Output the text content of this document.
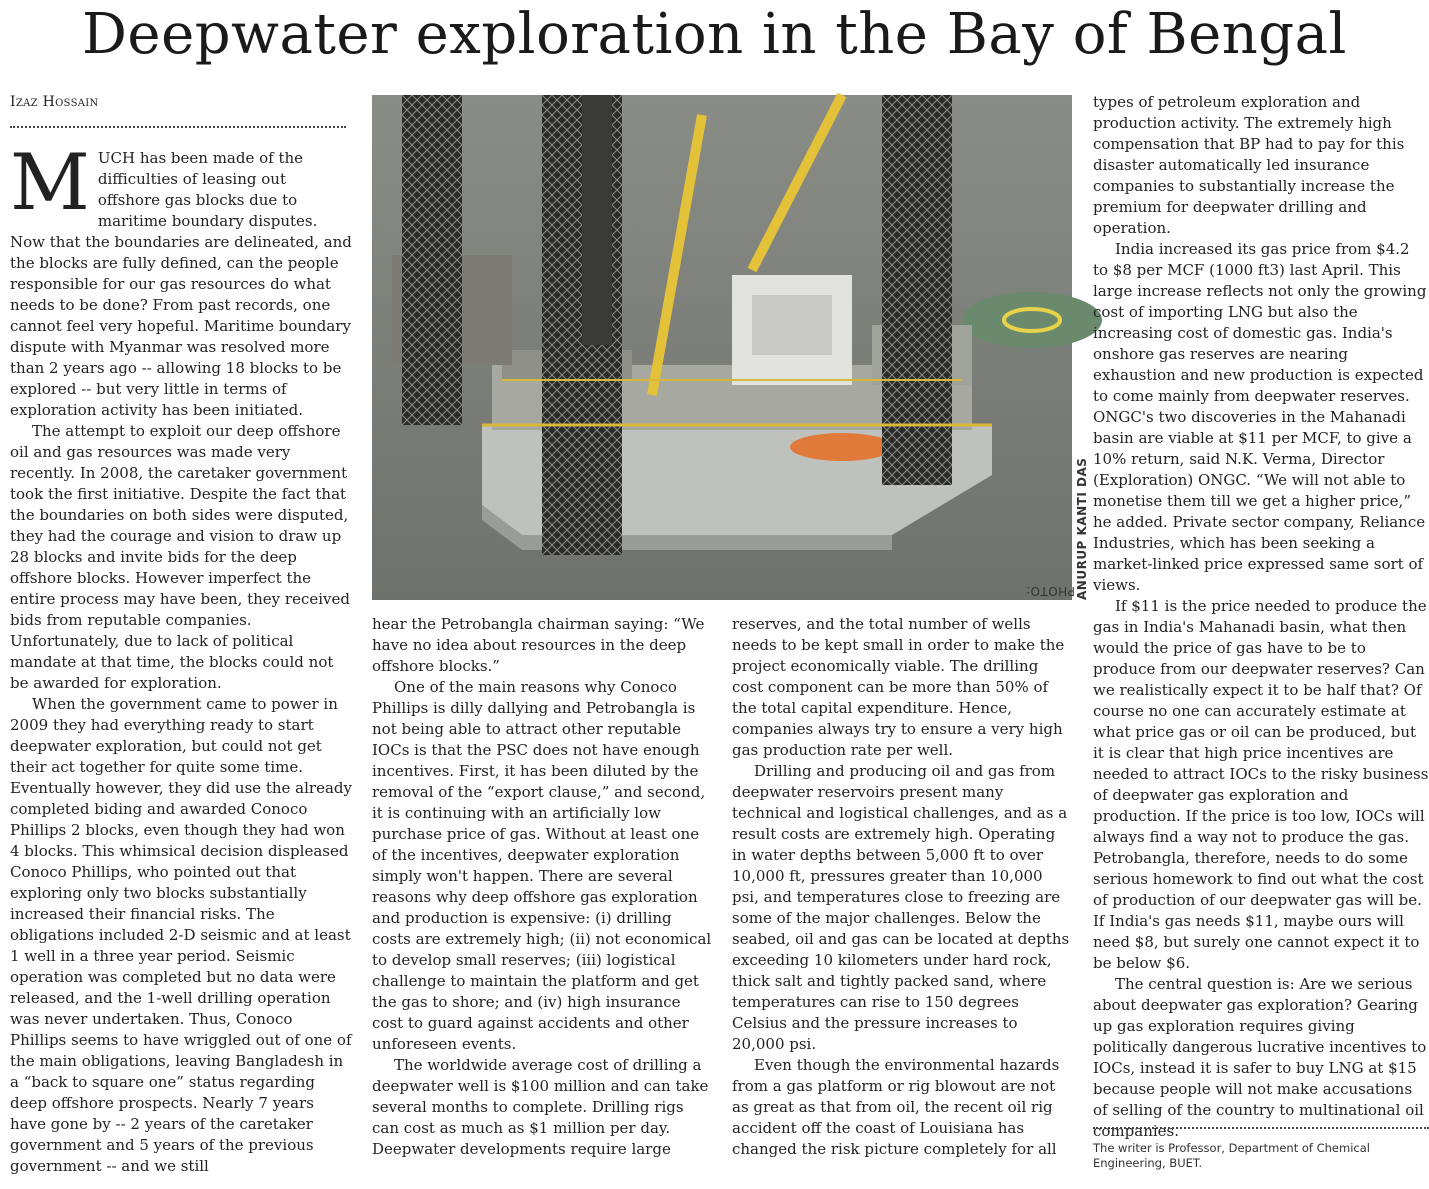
Deepwater exploration in the Bay of Bengal
Izaz Hossain

MUCH has been made of the difficulties of leasing out offshore gas blocks due to maritime boundary disputes. Now that the boundaries are delineated, and the blocks are fully defined, can the people responsible for our gas resources do what needs to be done? From past records, one cannot feel very hopeful. Maritime boundary dispute with Myanmar was resolved more than 2 years ago -- allowing 18 blocks to be explored -- but very little in terms of exploration activity has been initiated.

The attempt to exploit our deep offshore oil and gas resources was made very recently. In 2008, the caretaker government took the first initiative. Despite the fact that the boundaries on both sides were disputed, they had the courage and vision to draw up 28 blocks and invite bids for the deep offshore blocks. However imperfect the entire process may have been, they received bids from reputable companies. Unfortunately, due to lack of political mandate at that time, the blocks could not be awarded for exploration.

When the government came to power in 2009 they had everything ready to start deepwater exploration, but could not get their act together for quite some time. Eventually however, they did use the already completed biding and awarded Conoco Phillips 2 blocks, even though they had won 4 blocks. This whimsical decision displeased Conoco Phillips, who pointed out that exploring only two blocks substantially increased their financial risks. The obligations included 2-D seismic and at least 1 well in a three year period. Seismic operation was completed but no data were released, and the 1-well drilling operation was never undertaken. Thus, Conoco Phillips seems to have wriggled out of one of the main obligations, leaving Bangladesh in a “back to square one” status regarding deep offshore prospects. Nearly 7 years have gone by -- 2 years of the caretaker government and 5 years of the previous government -- and we still

PHOTO: ANURUP KANTI DAS

hear the Petrobangla chairman saying: “We have no idea about resources in the deep offshore blocks.”

One of the main reasons why Conoco Phillips is dilly dallying and Petrobangla is not being able to attract other reputable IOCs is that the PSC does not have enough incentives. First, it has been diluted by the removal of the “export clause,” and second, it is continuing with an artificially low purchase price of gas. Without at least one of the incentives, deepwater exploration simply won't happen. There are several reasons why deep offshore gas exploration and production is expensive: (i) drilling costs are extremely high; (ii) not economical to develop small reserves; (iii) logistical challenge to maintain the platform and get the gas to shore; and (iv) high insurance cost to guard against accidents and other unforeseen events.

The worldwide average cost of drilling a deepwater well is $100 million and can take several months to complete. Drilling rigs can cost as much as $1 million per day. Deepwater developments require large

reserves, and the total number of wells needs to be kept small in order to make the project economically viable. The drilling cost component can be more than 50% of the total capital expenditure. Hence, companies always try to ensure a very high gas production rate per well.

Drilling and producing oil and gas from deepwater reservoirs present many technical and logistical challenges, and as a result costs are extremely high. Operating in water depths between 5,000 ft to over 10,000 ft, pressures greater than 10,000 psi, and temperatures close to freezing are some of the major challenges. Below the seabed, oil and gas can be located at depths exceeding 10 kilometers under hard rock, thick salt and tightly packed sand, where temperatures can rise to 150 degrees Celsius and the pressure increases to 20,000 psi.

Even though the environmental hazards from a gas platform or rig blowout are not as great as that from oil, the recent oil rig accident off the coast of Louisiana has changed the risk picture completely for all

types of petroleum exploration and production activity. The extremely high compensation that BP had to pay for this disaster automatically led insurance companies to substantially increase the premium for deepwater drilling and operation.

India increased its gas price from $4.2 to $8 per MCF (1000 ft3) last April. This large increase reflects not only the growing cost of importing LNG but also the increasing cost of domestic gas. India's onshore gas reserves are nearing exhaustion and new production is expected to come mainly from deepwater reserves. ONGC's two discoveries in the Mahanadi basin are viable at $11 per MCF, to give a 10% return, said N.K. Verma, Director (Exploration) ONGC. “We will not able to monetise them till we get a higher price,” he added. Private sector company, Reliance Industries, which has been seeking a market-linked price expressed same sort of views.

If $11 is the price needed to produce the gas in India's Mahanadi basin, what then would the price of gas have to be to produce from our deepwater reserves? Can we realistically expect it to be half that? Of course no one can accurately estimate at what price gas or oil can be produced, but it is clear that high price incentives are needed to attract IOCs to the risky business of deepwater gas exploration and production. If the price is too low, IOCs will always find a way not to produce the gas. Petrobangla, therefore, needs to do some serious homework to find out what the cost of production of our deepwater gas will be. If India's gas needs $11, maybe ours will need $8, but surely one cannot expect it to be below $6.

The central question is: Are we serious about deepwater gas exploration? Gearing up gas exploration requires giving politically dangerous lucrative incentives to IOCs, instead it is safer to buy LNG at $15 because people will not make accusations of selling of the country to multinational oil companies.

The writer is Professor, Department of Chemical Engineering, BUET.
